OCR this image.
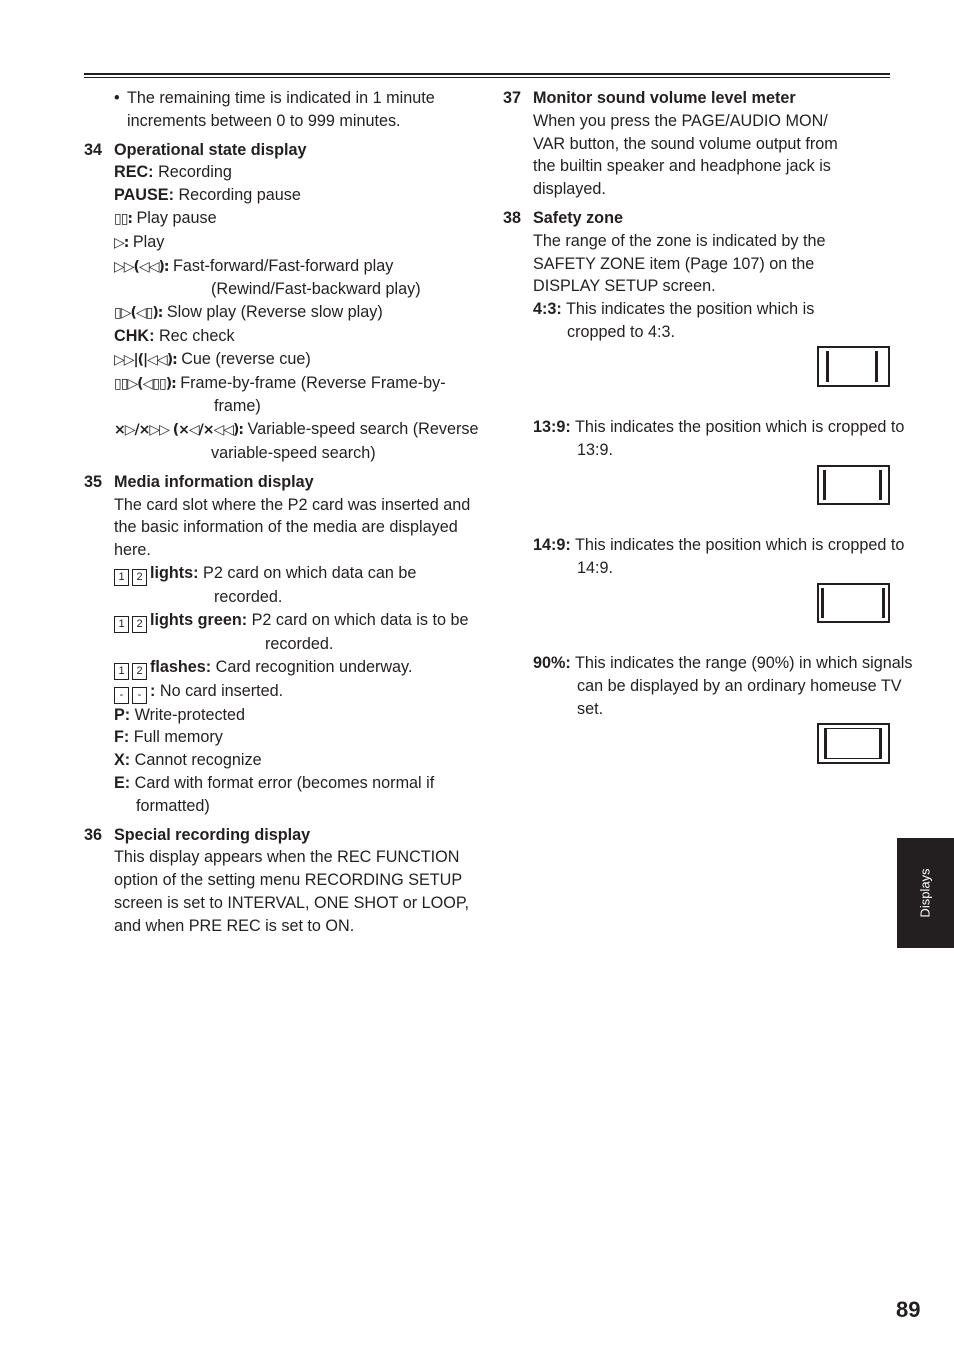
• The remaining time is indicated in 1 minute increments between 0 to 999 minutes.
34 Operational state display

REC: Recording

PAUSE: Recording pause

▯▯: Play pause

▷: Play

▷▷(◁◁): Fast-forward/Fast-forward play (Rewind/Fast-backward play)

▯▷(◁▯): Slow play (Reverse slow play)

CHK: Rec check

▷▷|(|◁◁): Cue (reverse cue)

▯▯▷(◁▯▯): Frame-by-frame (Reverse Frame-by-frame)

×▷/×▷▷ (×◁/×◁◁): Variable-speed search (Reverse variable-speed search)

35 Media information display

The card slot where the P2 card was inserted and the basic information of the media are displayed here.

1 2 lights: P2 card on which data can be recorded.

1 2 lights green: P2 card on which data is to be recorded.

1 2 flashes: Card recognition underway.

- - : No card inserted.

P: Write-protected

F: Full memory

X: Cannot recognize

E: Card with format error (becomes normal if formatted)

36 Special recording display

This display appears when the REC FUNCTION option of the setting menu RECORDING SETUP screen is set to INTERVAL, ONE SHOT or LOOP, and when PRE REC is set to ON.

37 Monitor sound volume level meter

When you press the PAGE/AUDIO MON/ VAR button, the sound volume output from the builtin speaker and headphone jack is displayed.

38 Safety zone

The range of the zone is indicated by the SAFETY ZONE item (Page 107) on the DISPLAY SETUP screen.

4:3: This indicates the position which is cropped to 4:3.

13:9: This indicates the position which is cropped to 13:9.

14:9: This indicates the position which is cropped to 14:9.

90%: This indicates the range (90%) in which signals can be displayed by an ordinary homeuse TV set.

Displays
89
